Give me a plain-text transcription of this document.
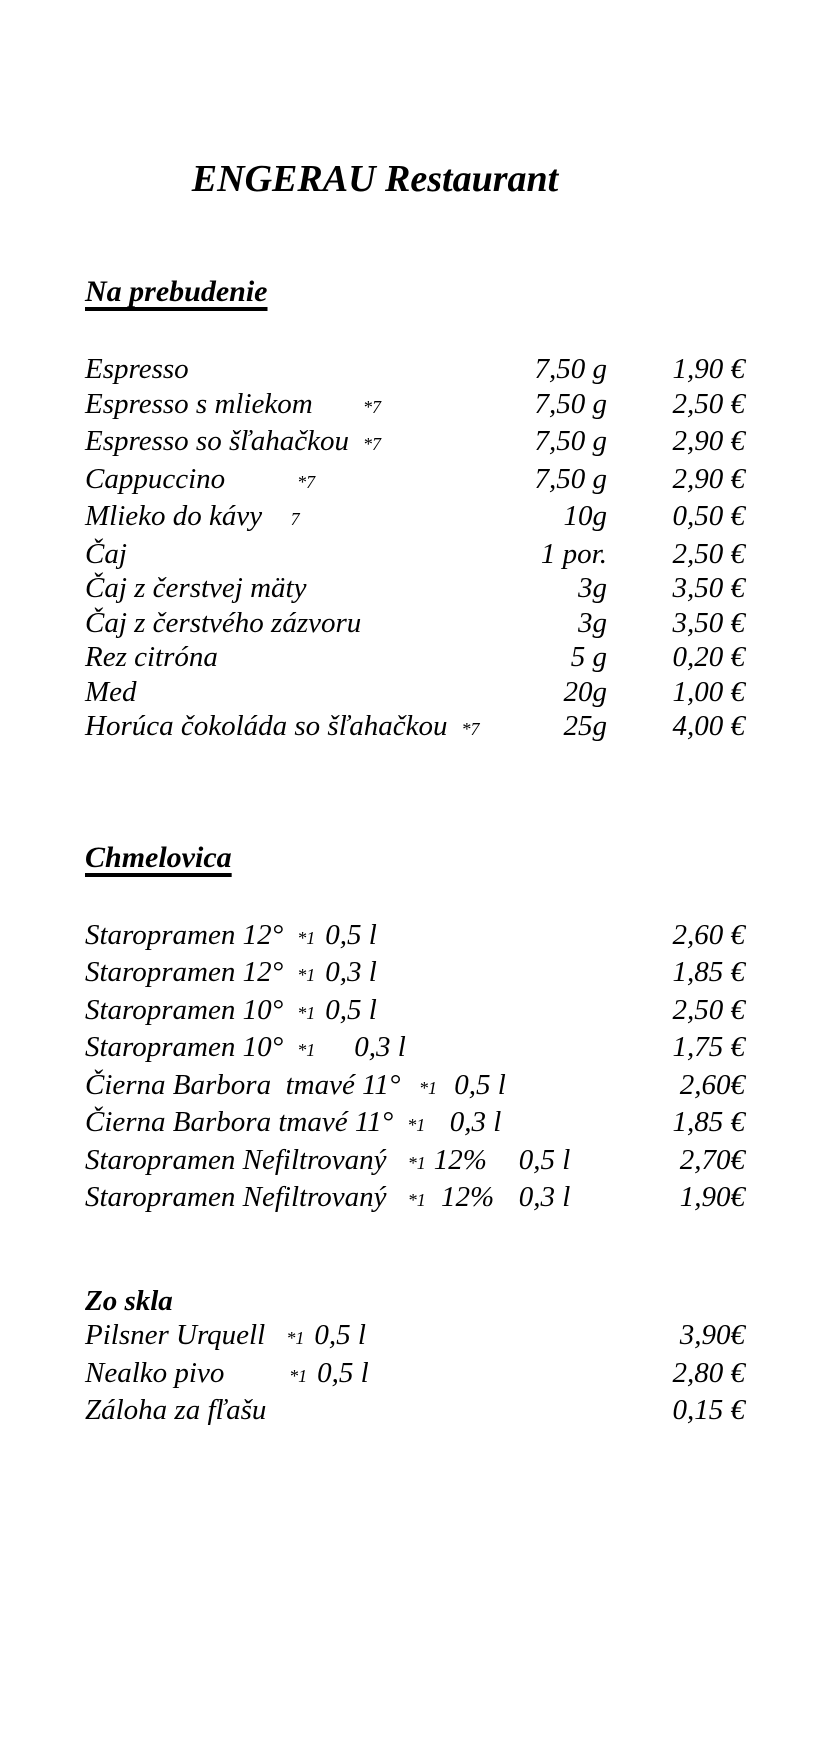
ENGERAU Restaurant
Na prebudenie
Espresso	7,50 g	1,90 €
Espresso s mliekom     *7	7,50 g	2,50 €
Espresso so šľahačkou *7	7,50 g	2,90 €
Cappuccino        *7	7,50 g	2,90 €
Mlieko do kávy  7	10g	0,50 €
Čaj	1 por.	2,50 €
Čaj z čerstvej mäty	3g	3,50 €
Čaj z čerstvého zázvoru	3g	3,50 €
Rez citróna	5 g	0,20 €
Med	20g	1,00 €
Horúca čokoláda so šľahačkou *7	25g	4,00 €
Chmelovica
Staropramen 12° *1 0,5 l	2,60 €
Staropramen 12° *1 0,3 l	1,85 €
Staropramen 10° *1 0,5 l	2,50 €
Staropramen 10° *1    0,3 l	1,75 €
Čierna Barbora  tmavé 11° *1 0,5 l	2,60€
Čierna Barbora tmavé 11° *1  0,3 l	1,85 €
Staropramen Nefiltrovaný *1 12%   0,5 l	2,70€
Staropramen Nefiltrovaný *1 12%  0,3 l	1,90€
Zo skla
Pilsner Urquell *1 0,5 l	3,90€
Nealko pivo       *1 0,5 l	2,80 €
Záloha za fľašu	0,15 €
